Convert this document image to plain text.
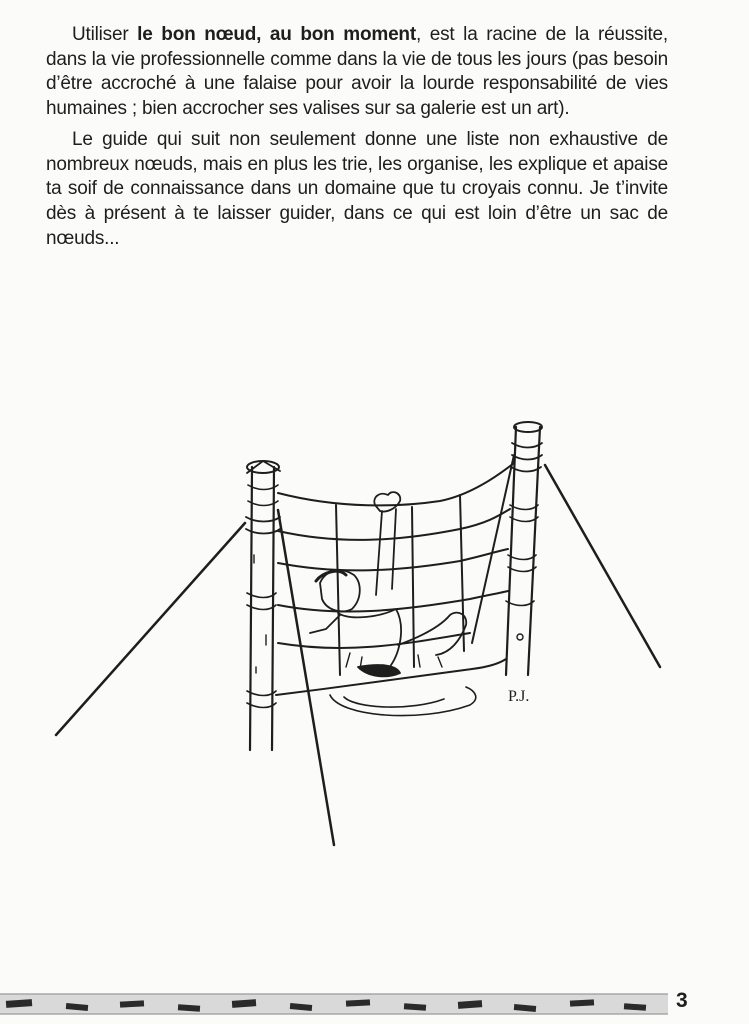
Utiliser le bon nœud, au bon moment, est la racine de la réussite, dans la vie professionnelle comme dans la vie de tous les jours (pas besoin d’être accroché à une falaise pour avoir la lourde responsabilité de vies humaines ; bien accrocher ses valises sur sa galerie est un art).

Le guide qui suit non seulement donne une liste non exhaustive de nombreux nœuds, mais en plus les trie, les organise, les explique et apaise ta soif de connaissance dans un domaine que tu croyais connu. Je t’invite dès à présent à te laisser guider, dans ce qui est loin d’être un sac de nœuds...

P.J.
3
